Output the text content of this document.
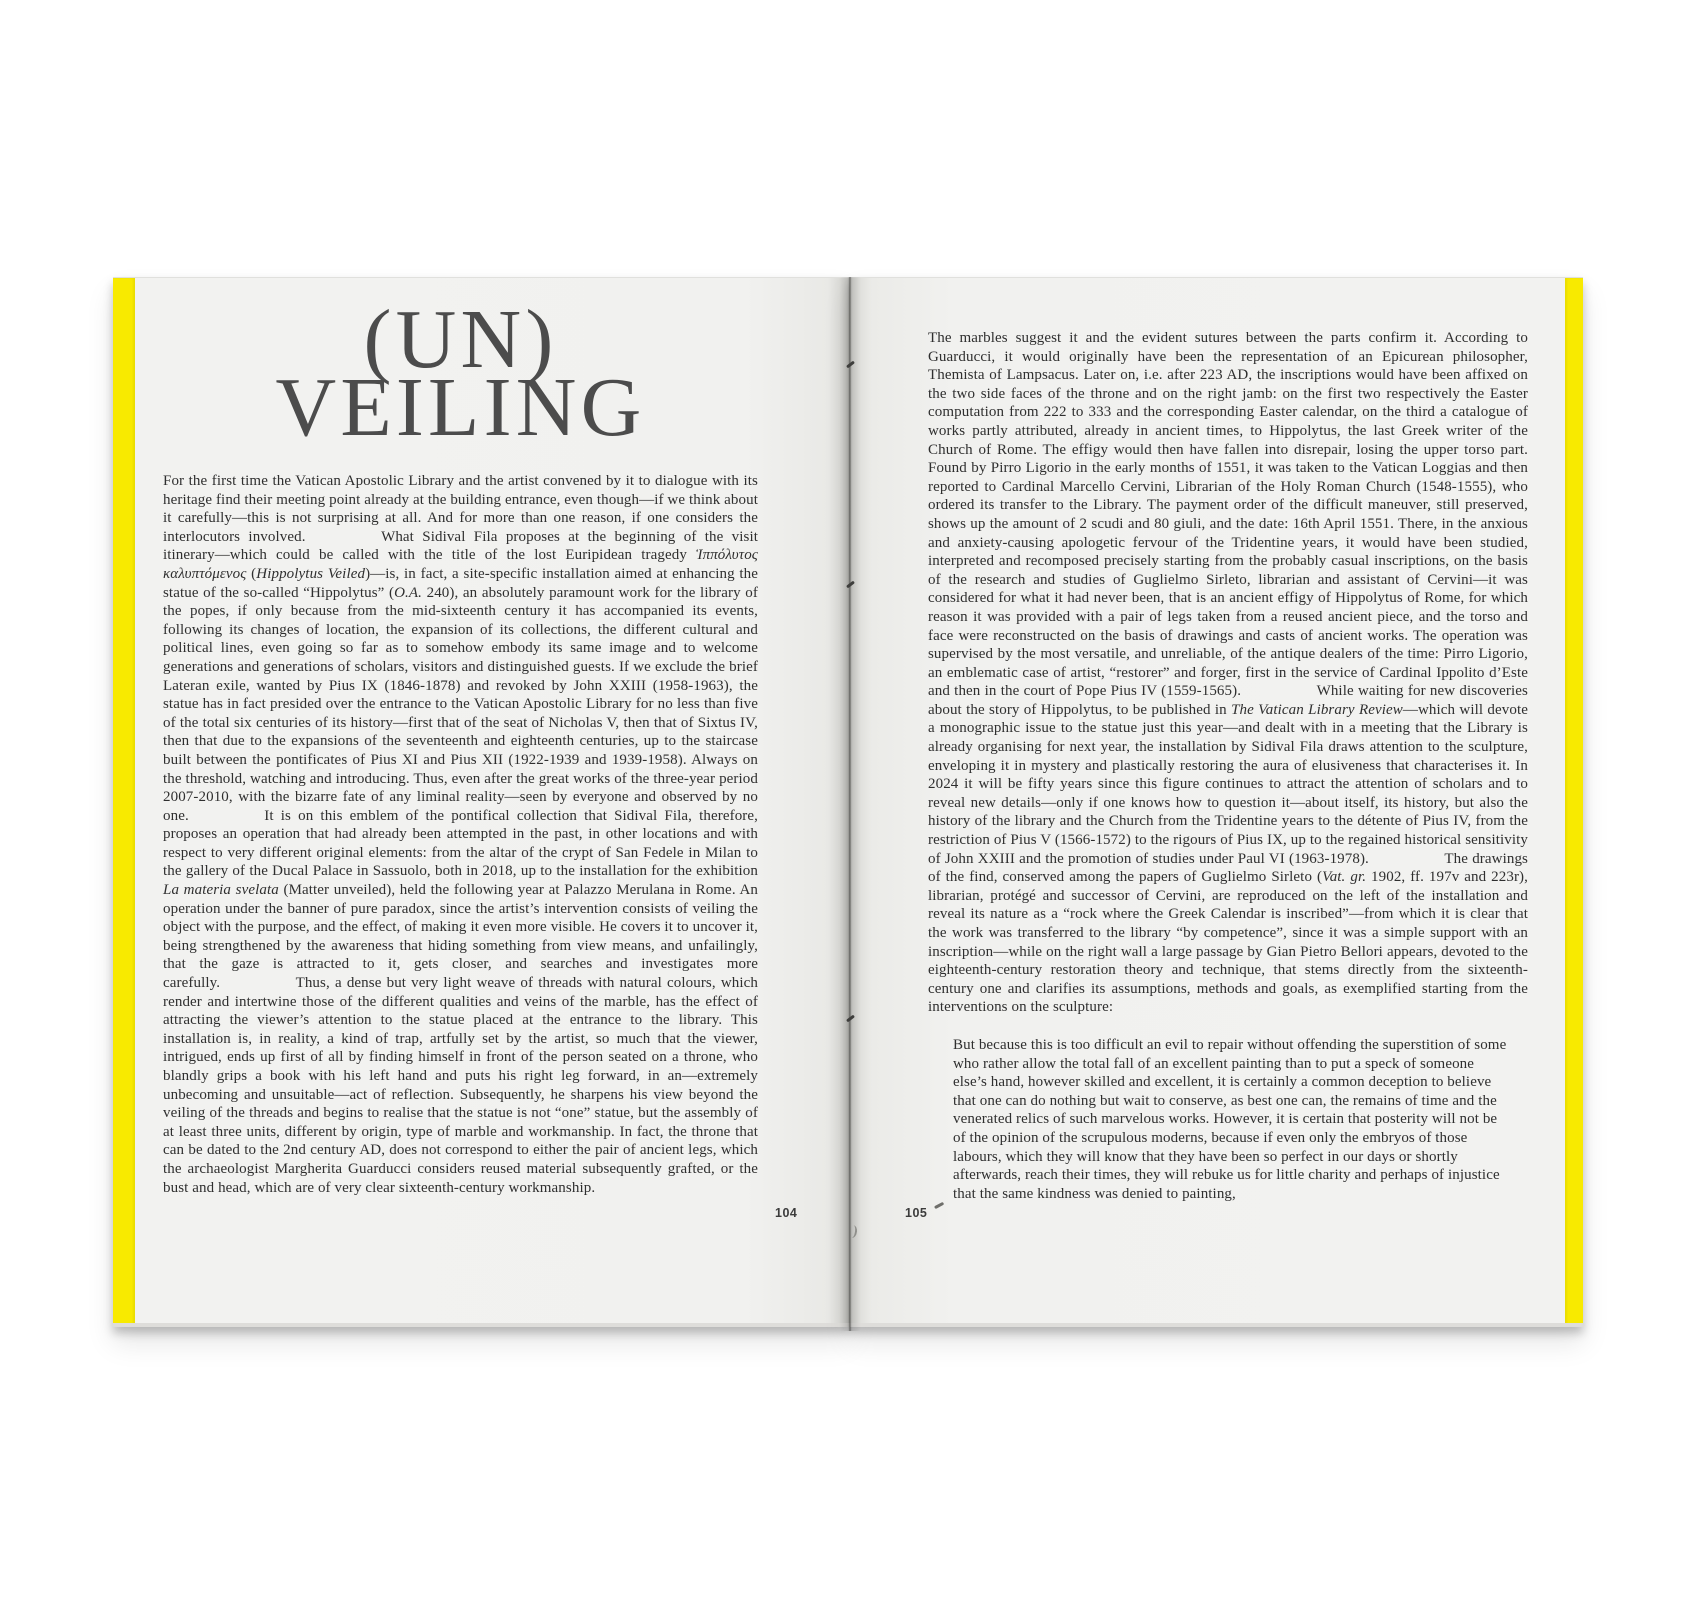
(UN)
VEILING

For the first time the Vatican Apostolic Library and the artist convened by it to dialogue with its heritage find their meeting point already at the building entrance, even though—if we think about it carefully—this is not surprising at all. And for more than one reason, if one considers the interlocutors involved.     What Sidival Fila proposes at the beginning of the visit itinerary—which could be called with the title of the lost Euripidean tragedy Ἱππόλυτος καλυπτόμενος (Hippolytus Veiled)—is, in fact, a site-specific installation aimed at enhancing the statue of the so-called “Hippolytus” (O.A. 240), an absolutely paramount work for the library of the popes, if only because from the mid-sixteenth century it has accompanied its events, following its changes of location, the expansion of its collections, the different cultural and political lines, even going so far as to somehow embody its same image and to welcome generations and generations of scholars, visitors and distinguished guests. If we exclude the brief Lateran exile, wanted by Pius IX (1846-1878) and revoked by John XXIII (1958-1963), the statue has in fact presided over the entrance to the Vatican Apostolic Library for no less than five of the total six centuries of its history—first that of the seat of Nicholas V, then that of Sixtus IV, then that due to the expansions of the seventeenth and eighteenth centuries, up to the staircase built between the pontificates of Pius XI and Pius XII (1922-1939 and 1939-1958). Always on the threshold, watching and introducing. Thus, even after the great works of the three-year period 2007-2010, with the bizarre fate of any liminal reality—seen by everyone and observed by no one.     It is on this emblem of the pontifical collection that Sidival Fila, therefore, proposes an operation that had already been attempted in the past, in other locations and with respect to very different original elements: from the altar of the crypt of San Fedele in Milan to the gallery of the Ducal Palace in Sassuolo, both in 2018, up to the installation for the exhibition La materia svelata (Matter unveiled), held the following year at Palazzo Merulana in Rome. An operation under the banner of pure paradox, since the artist’s intervention consists of veiling the object with the purpose, and the effect, of making it even more visible. He covers it to uncover it, being strengthened by the awareness that hiding something from view means, and unfailingly, that the gaze is attracted to it, gets closer, and searches and investigates more carefully.     Thus, a dense but very light weave of threads with natural colours, which render and intertwine those of the different qualities and veins of the marble, has the effect of attracting the viewer’s attention to the statue placed at the entrance to the library. This installation is, in reality, a kind of trap, artfully set by the artist, so much that the viewer, intrigued, ends up first of all by finding himself in front of the person seated on a throne, who blandly grips a book with his left hand and puts his right leg forward, in an—extremely unbecoming and unsuitable—act of reflection. Subsequently, he sharpens his view beyond the veiling of the threads and begins to realise that the statue is not “one” statue, but the assembly of at least three units, different by origin, type of marble and workmanship. In fact, the throne that can be dated to the 2nd century AD, does not correspond to either the pair of ancient legs, which the archaeologist Margherita Guarducci considers reused material subsequently grafted, or the bust and head, which are of very clear sixteenth-century workmanship.

104

The marbles suggest it and the evident sutures between the parts confirm it. According to Guarducci, it would originally have been the representation of an Epicurean philosopher, Themista of Lampsacus. Later on, i.e. after 223 AD, the inscriptions would have been affixed on the two side faces of the throne and on the right jamb: on the first two respectively the Easter computation from 222 to 333 and the corresponding Easter calendar, on the third a catalogue of works partly attributed, already in ancient times, to Hippolytus, the last Greek writer of the Church of Rome. The effigy would then have fallen into disrepair, losing the upper torso part. Found by Pirro Ligorio in the early months of 1551, it was taken to the Vatican Loggias and then reported to Cardinal Marcello Cervini, Librarian of the Holy Roman Church (1548-1555), who ordered its transfer to the Library. The payment order of the difficult maneuver, still preserved, shows up the amount of 2 scudi and 80 giuli, and the date: 16th April 1551. There, in the anxious and anxiety-causing apologetic fervour of the Tridentine years, it would have been studied, interpreted and recomposed precisely starting from the probably casual inscriptions, on the basis of the research and studies of Guglielmo Sirleto, librarian and assistant of Cervini—it was considered for what it had never been, that is an ancient effigy of Hippolytus of Rome, for which reason it was provided with a pair of legs taken from a reused ancient piece, and the torso and face were reconstructed on the basis of drawings and casts of ancient works. The operation was supervised by the most versatile, and unreliable, of the antique dealers of the time: Pirro Ligorio, an emblematic case of artist, “restorer” and forger, first in the service of Cardinal Ippolito d’Este and then in the court of Pope Pius IV (1559-1565).     While waiting for new discoveries about the story of Hippolytus, to be published in The Vatican Library Review—which will devote a monographic issue to the statue just this year—and dealt with in a meeting that the Library is already organising for next year, the installation by Sidival Fila draws attention to the sculpture, enveloping it in mystery and plastically restoring the aura of elusiveness that characterises it. In 2024 it will be fifty years since this figure continues to attract the attention of scholars and to reveal new details—only if one knows how to question it—about itself, its history, but also the history of the library and the Church from the Tridentine years to the détente of Pius IV, from the restriction of Pius V (1566-1572) to the rigours of Pius IX, up to the regained historical sensitivity of John XXIII and the promotion of studies under Paul VI (1963-1978).     The drawings of the find, conserved among the papers of Guglielmo Sirleto (Vat. gr. 1902, ff. 197v and 223r), librarian, protégé and successor of Cervini, are reproduced on the left of the installation and reveal its nature as a “rock where the Greek Calendar is inscribed”—from which it is clear that the work was transferred to the library “by competence”, since it was a simple support with an inscription—while on the right wall a large passage by Gian Pietro Bellori appears, devoted to the eighteenth-century restoration theory and technique, that stems directly from the sixteenth-century one and clarifies its assumptions, methods and goals, as exemplified starting from the interventions on the sculpture:

But because this is too difficult an evil to repair without offending the superstition of some who rather allow the total fall of an excellent painting than to put a speck of someone else’s hand, however skilled and excellent, it is certainly a common deception to believe that one can do nothing but wait to conserve, as best one can, the remains of time and the venerated relics of such marvelous works. However, it is certain that posterity will not be of the opinion of the scrupulous moderns, because if even only the embryos of those labours, which they will know that they have been so perfect in our days or shortly afterwards, reach their times, they will rebuke us for little charity and perhaps of injustice that the same kindness was denied to painting,

105
